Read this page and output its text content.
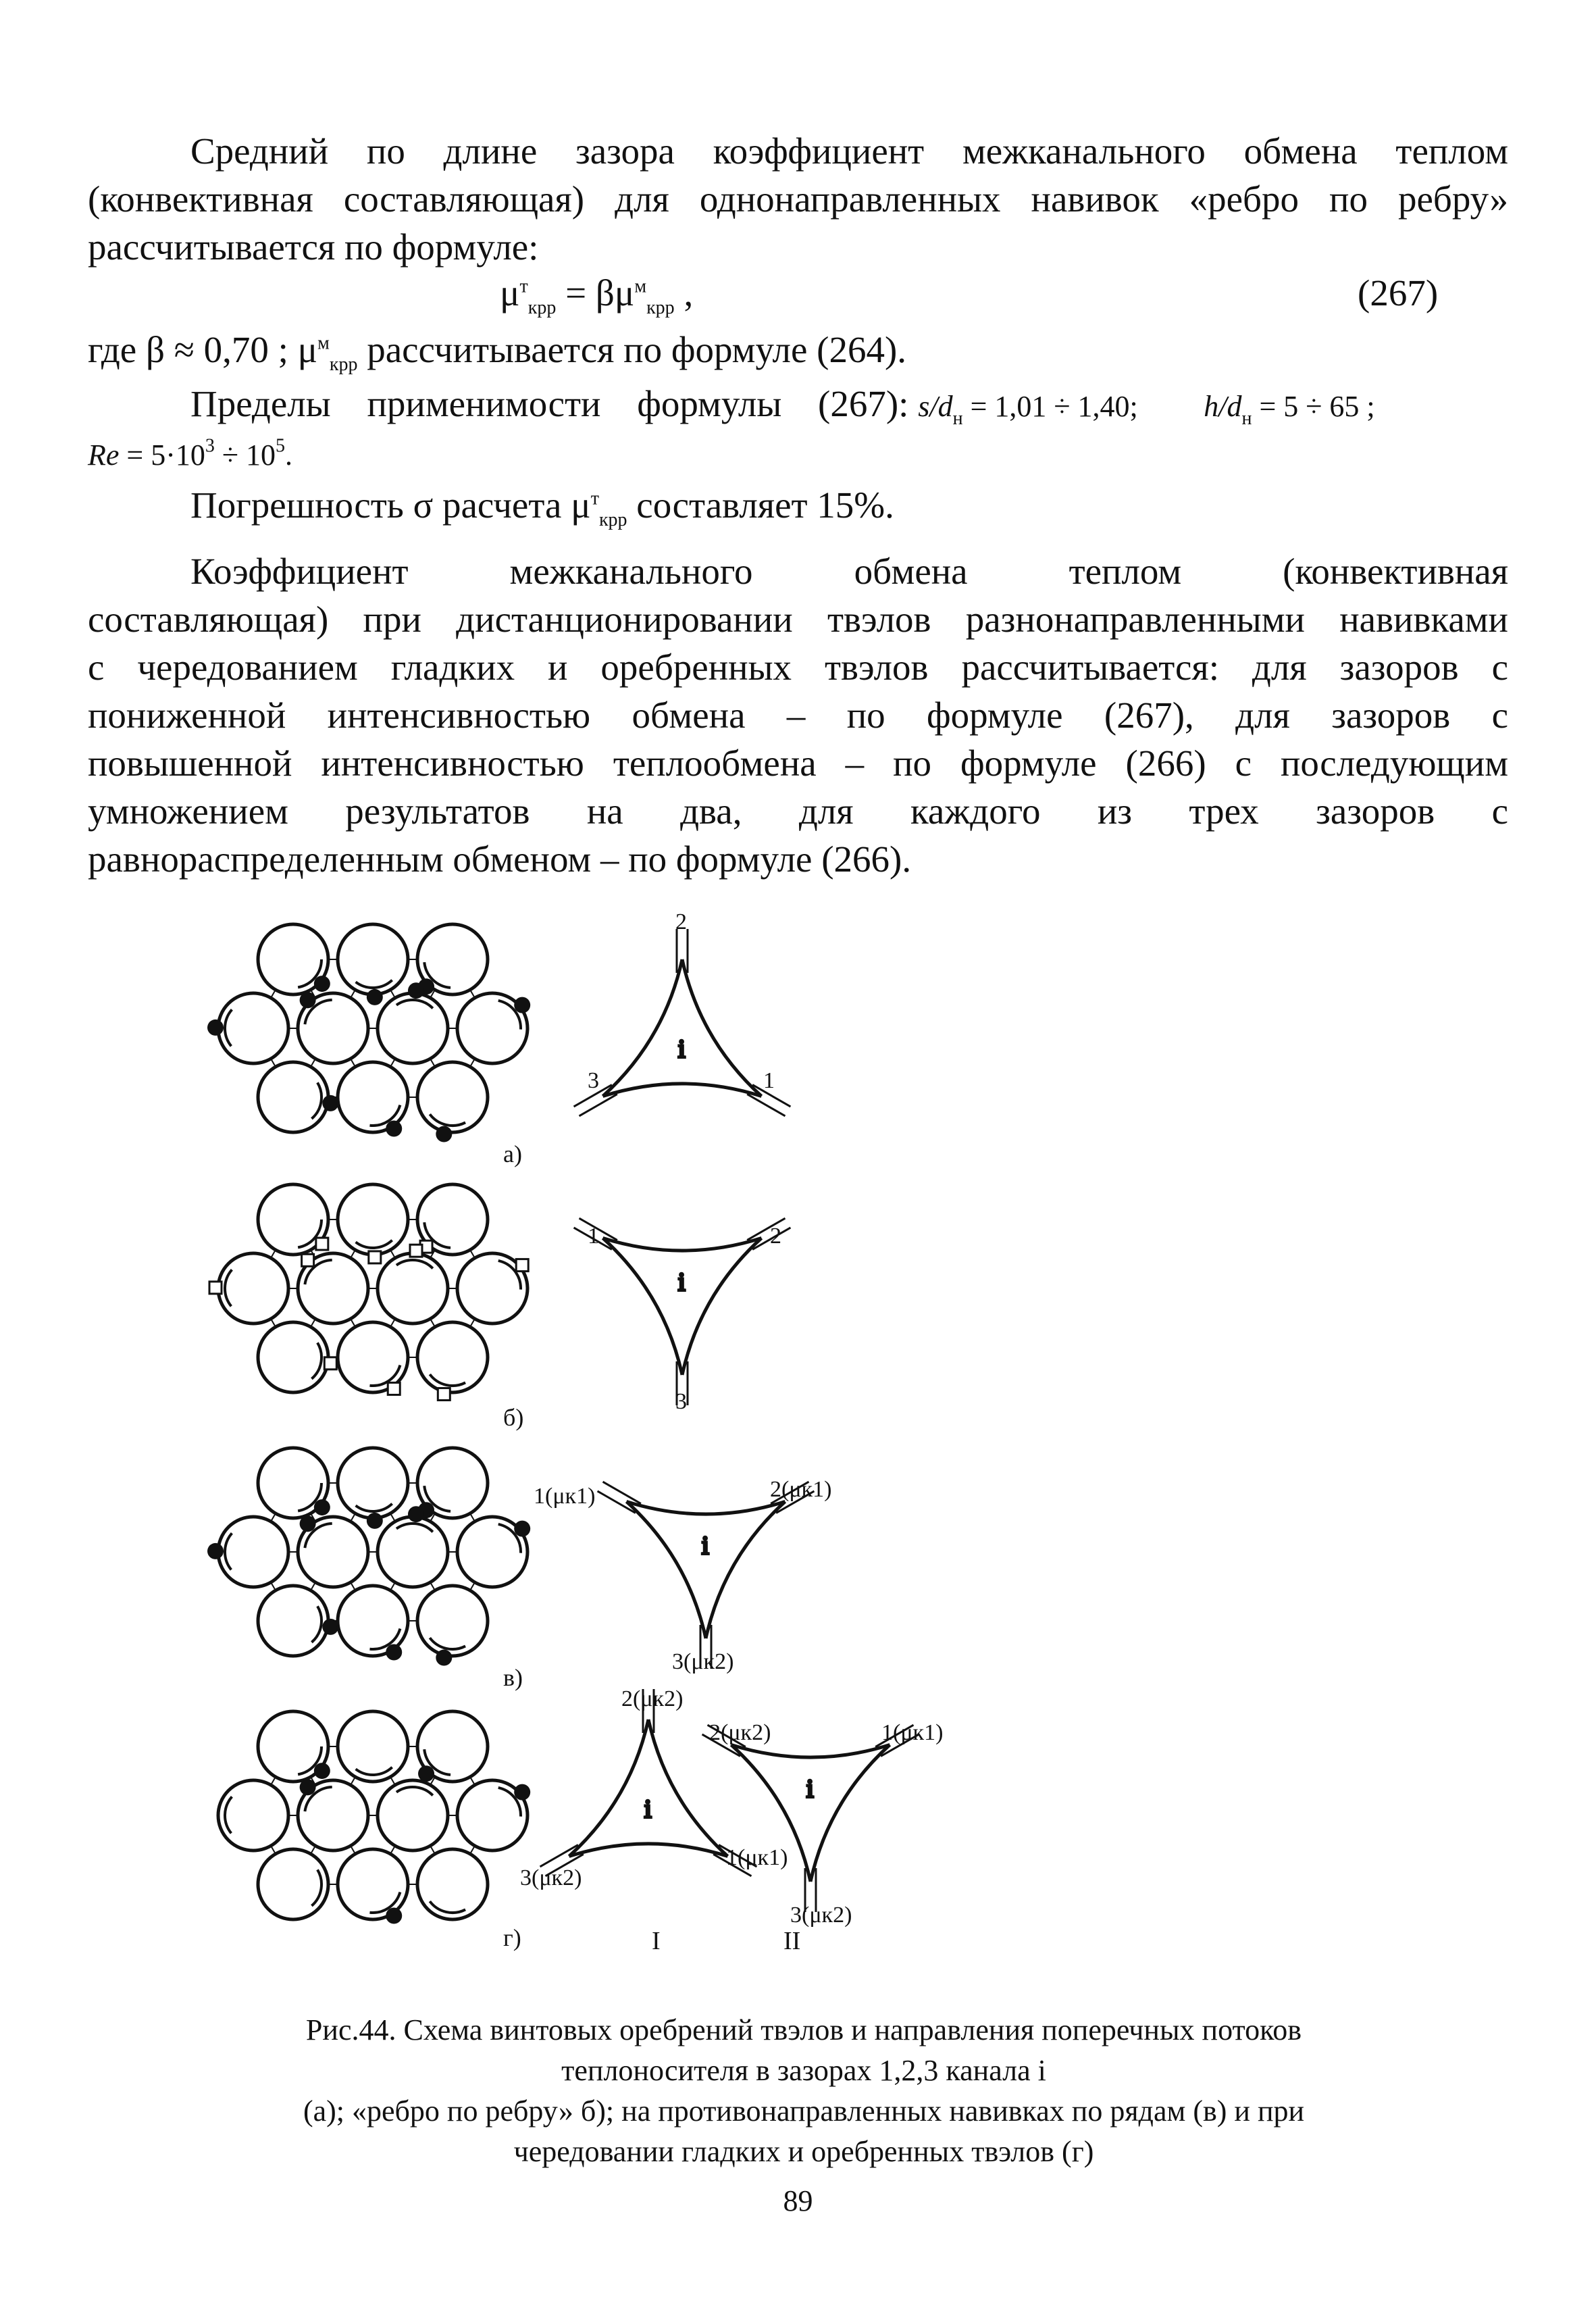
Средний по длине зазора коэффициент межканального обмена теплом
(конвективная составляющая) для однонаправленных навивок «ребро по ребру»
рассчитывается по формуле:
$\mu^т_{крр} = \beta\mu^м_{крр}$ ,	(267)
где β ≈ 0,70 ; $\mu^м_{крр}$ рассчитывается по формуле (264).
Пределы применимости формулы (267): $s/d_н = 1,01 \div 1,40$; $h/d_н = 5 \div 65$ ;
$Re = 5\cdot 10^3 \div 10^5$.
Погрешность σ расчета $\mu^т_{крр}$ составляет 15%.
Коэффициент межканального обмена теплом (конвективная
составляющая) при дистанционировании твэлов разнонаправленными навивками
с чередованием гладких и оребренных твэлов рассчитывается: для зазоров с
пониженной интенсивностью обмена – по формуле (267), для зазоров с
повышенной интенсивностью теплообмена – по формуле (266) с последующим
умножением результатов на два, для каждого из трех зазоров с
равнораспределенным обменом – по формуле (266).
i
i
i
i
i
2
1
3
а)
1	2
3
б)
1(μк1)	2(μк1)
3(μк2)
в)
2(μк2)
3(μк2)
1(μк1)
2(μк2)	1(μк1)
3(μк2)
г)	I	II
Рис.44. Схема винтовых оребрений твэлов и направления поперечных потоков
теплоносителя в зазорах 1,2,3 канала i
(а); «ребро по ребру» б); на противонаправленных навивках по рядам (в) и при
чередовании гладких и оребренных твэлов (г)
89
